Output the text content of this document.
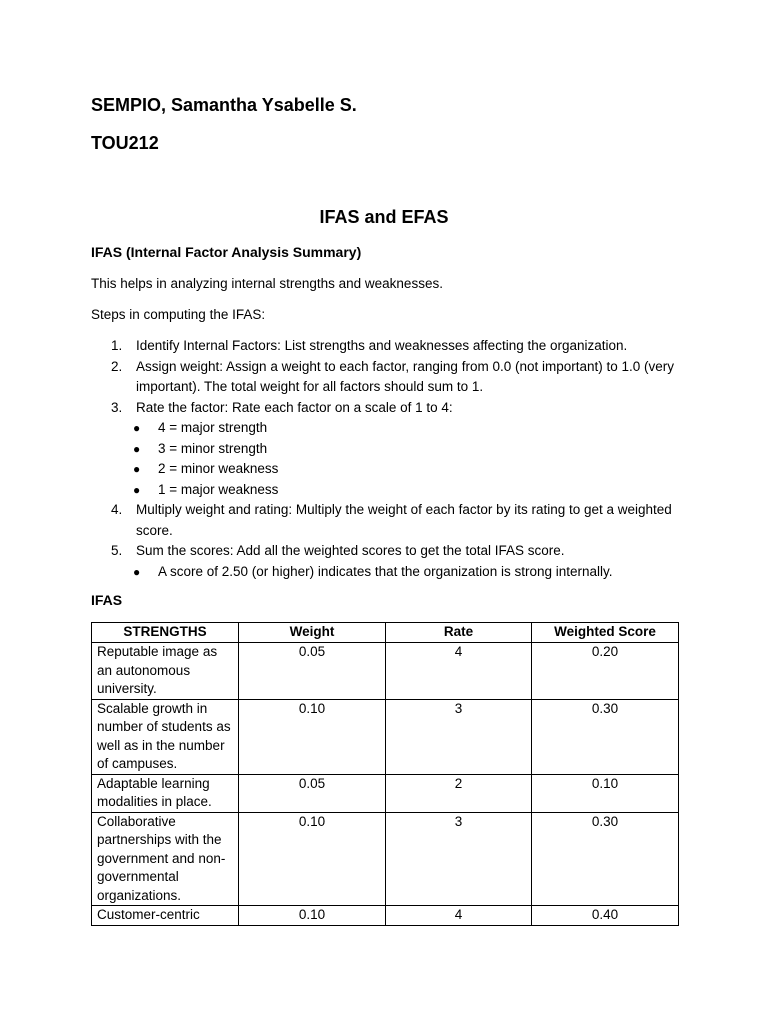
SEMPIO, Samantha Ysabelle S.
TOU212
IFAS and EFAS
IFAS (Internal Factor Analysis Summary)
This helps in analyzing internal strengths and weaknesses.
Steps in computing the IFAS:
1. Identify Internal Factors: List strengths and weaknesses affecting the organization.
2. Assign weight: Assign a weight to each factor, ranging from 0.0 (not important) to 1.0 (very important). The total weight for all factors should sum to 1.
3. Rate the factor: Rate each factor on a scale of 1 to 4:
● 4 = major strength
● 3 = minor strength
● 2 = minor weakness
● 1 = major weakness
4. Multiply weight and rating: Multiply the weight of each factor by its rating to get a weighted score.
5. Sum the scores: Add all the weighted scores to get the total IFAS score.
● A score of 2.50 (or higher) indicates that the organization is strong internally.
IFAS
STRENGTHS	Weight	Rate	Weighted Score
Reputable image as an autonomous university.	0.05	4	0.20
Scalable growth in number of students as well as in the number of campuses.	0.10	3	0.30
Adaptable learning modalities in place.	0.05	2	0.10
Collaborative partnerships with the government and non-governmental organizations.	0.10	3	0.30
Customer-centric	0.10	4	0.40
